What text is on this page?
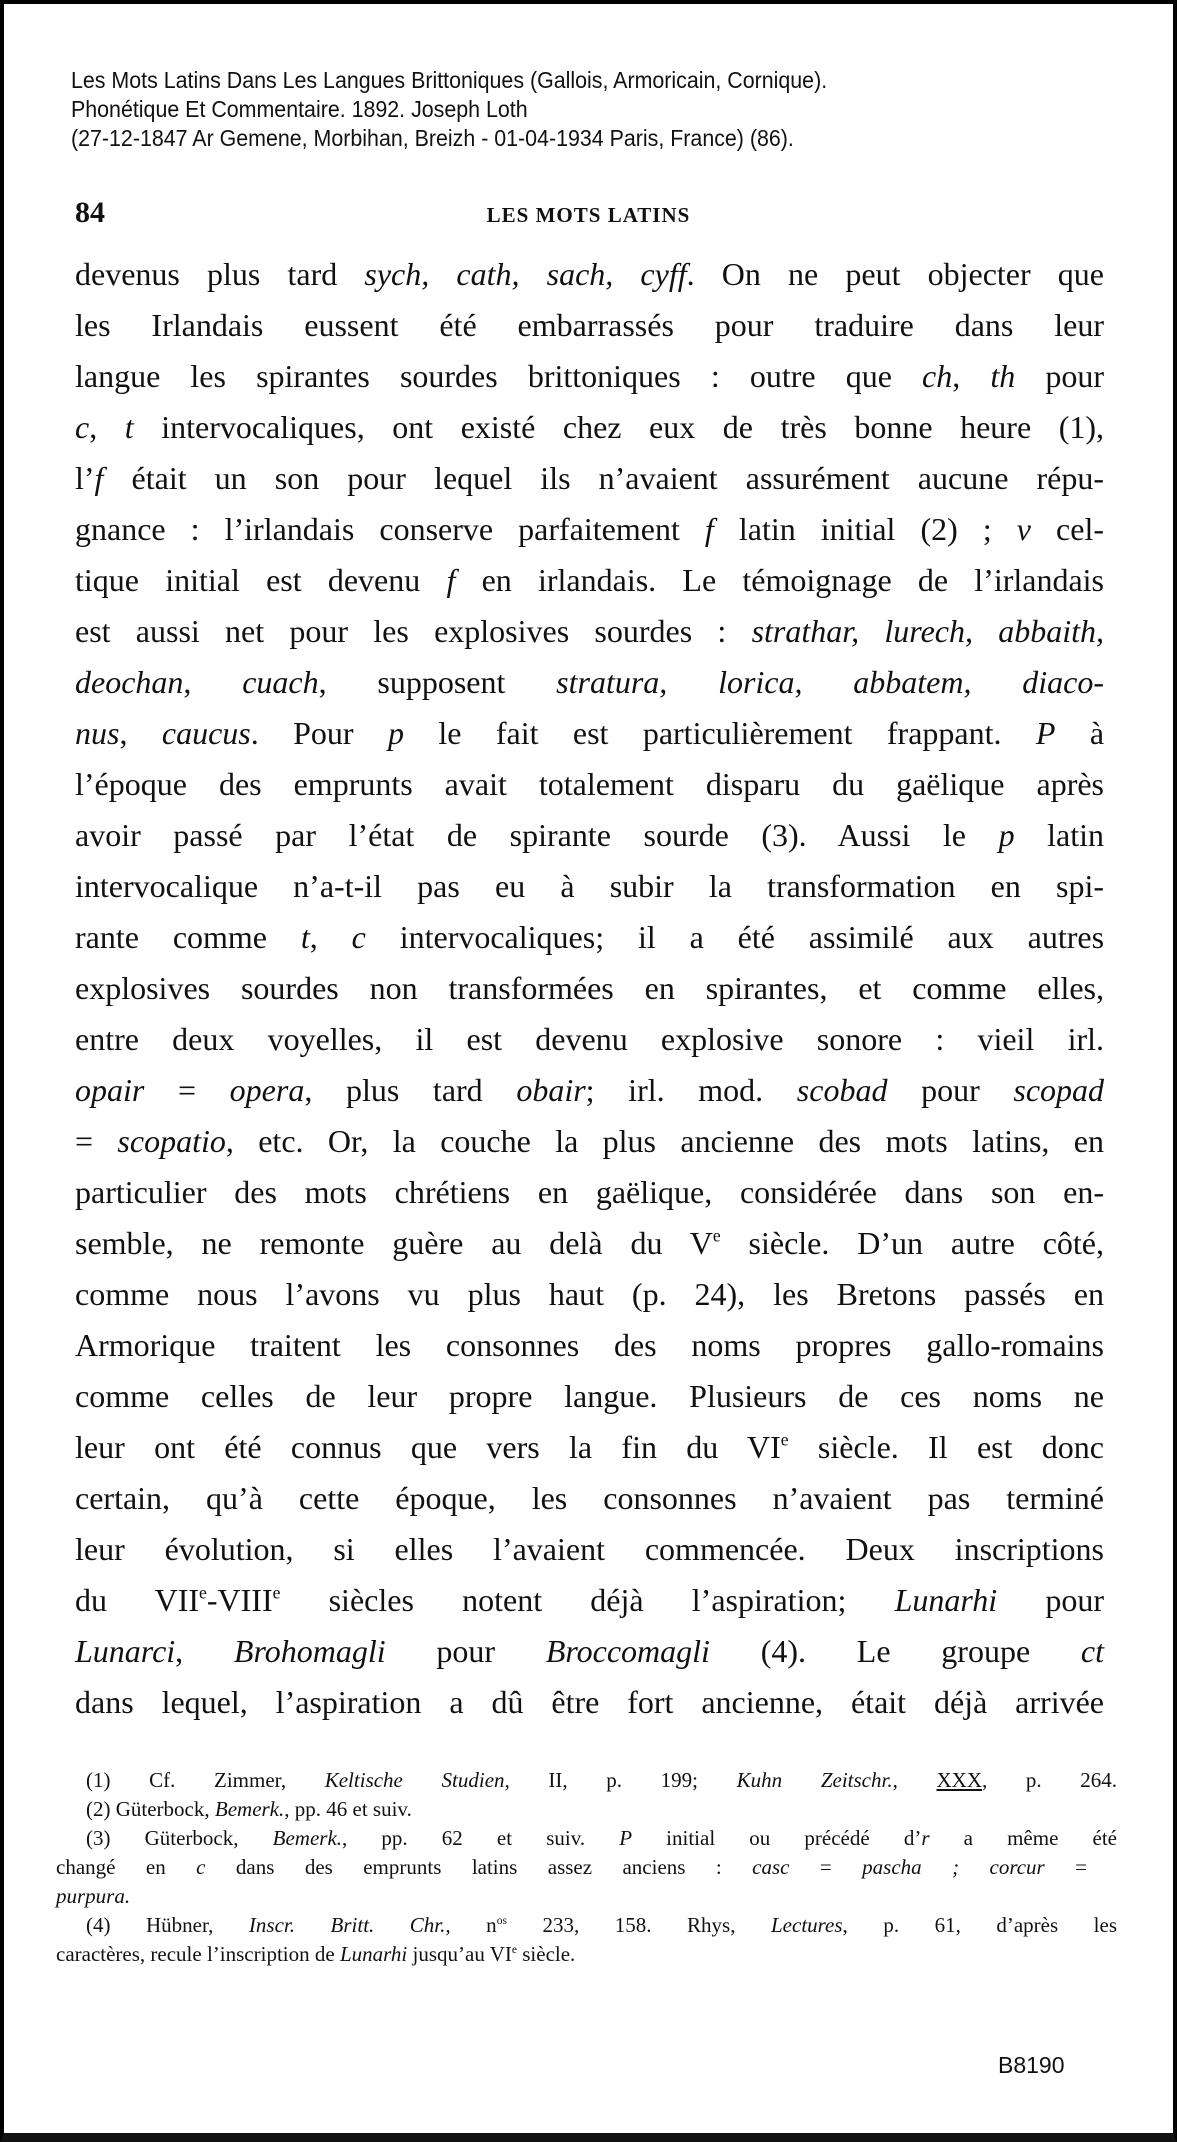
Les Mots Latins Dans Les Langues Brittoniques (Gallois, Armoricain, Cornique).
Phonétique Et Commentaire. 1892. Joseph Loth
(27-12-1847 Ar Gemene, Morbihan, Breizh - 01-04-1934 Paris, France) (86).
84	LES MOTS LATINS
devenus plus tard sych, cath, sach, cyff. On ne peut objecter que
les Irlandais eussent été embarrassés pour traduire dans leur
langue les spirantes sourdes brittoniques : outre que ch, th pour
c, t intervocaliques, ont existé chez eux de très bonne heure (1),
l’f était un son pour lequel ils n’avaient assurément aucune répu-
gnance : l’irlandais conserve parfaitement f latin initial (2) ; v cel-
tique initial est devenu f en irlandais. Le témoignage de l’irlandais
est aussi net pour les explosives sourdes : strathar, lurech, abbaith,
deochan, cuach, supposent stratura, lorica, abbatem, diaco-
nus, caucus. Pour p le fait est particulièrement frappant. P à
l’époque des emprunts avait totalement disparu du gaëlique après
avoir passé par l’état de spirante sourde (3). Aussi le p latin
intervocalique n’a-t-il pas eu à subir la transformation en spi-
rante comme t, c intervocaliques; il a été assimilé aux autres
explosives sourdes non transformées en spirantes, et comme elles,
entre deux voyelles, il est devenu explosive sonore : vieil irl.
opair = opera, plus tard obair; irl. mod. scobad pour scopad
= scopatio, etc. Or, la couche la plus ancienne des mots latins, en
particulier des mots chrétiens en gaëlique, considérée dans son en-
semble, ne remonte guère au delà du Ve siècle. D’un autre côté,
comme nous l’avons vu plus haut (p. 24), les Bretons passés en
Armorique traitent les consonnes des noms propres gallo-romains
comme celles de leur propre langue. Plusieurs de ces noms ne
leur ont été connus que vers la fin du VIe siècle. Il est donc
certain, qu’à cette époque, les consonnes n’avaient pas terminé
leur évolution, si elles l’avaient commencée. Deux inscriptions
du VIIe-VIIIe siècles notent déjà l’aspiration; Lunarhi pour
Lunarci, Brohomagli pour Broccomagli (4). Le groupe ct
dans lequel, l’aspiration a dû être fort ancienne, était déjà arrivée
(1) Cf. Zimmer, Keltische Studien, II, p. 199; Kuhn Zeitschr., XXX, p. 264.
(2) Güterbock, Bemerk., pp. 46 et suiv.
(3) Güterbock, Bemerk., pp. 62 et suiv. P initial ou précédé d’r a même été
changé en c dans des emprunts latins assez anciens : casc = pascha ; corcur =
purpura.
(4) Hübner, Inscr. Britt. Chr., $n^{os}$ 233, 158. Rhys, Lectures, p. 61, d’après les
caractères, recule l’inscription de Lunarhi jusqu’au VIe siècle.
B8190
